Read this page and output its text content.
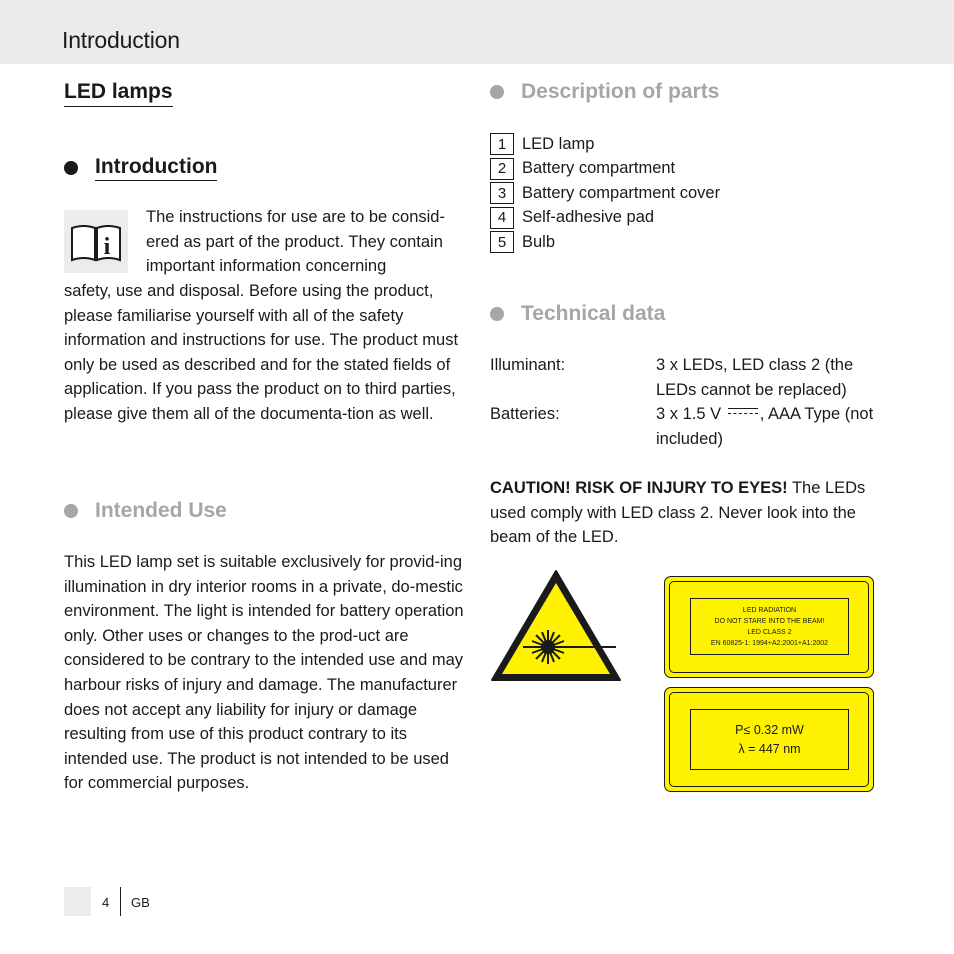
Introduction
LED lamps
Introduction
i
The instructions for use are to be consid-ered as part of the product. They contain important information concerning
safety, use and disposal. Before using the product, please familiarise yourself with all of the safety information and instructions for use. The product must only be used as described and for the stated fields of application. If you pass the product on to third parties, please give them all of the documenta-tion as well.
Intended Use
This LED lamp set is suitable exclusively for provid-ing illumination in dry interior rooms in a private, do-mestic environment. The light is intended for battery operation only. Other uses or changes to the prod-uct are considered to be contrary to the intended use and may harbour risks of injury and damage. The manufacturer does not accept any liability for injury or damage resulting from use of this product contrary to its intended use. The product is not intended to be used for commercial purposes.
Description of parts
1 LED lamp
2 Battery compartment
3 Battery compartment cover
4 Self-adhesive pad
5 Bulb
Technical data
Illuminant:	3 x LEDs, LED class 2 (the LEDs cannot be replaced)
Batteries:	3 x 1.5 V , AAA Type (not included)
CAUTION! RISK OF INJURY TO EYES! The LEDs used comply with LED class 2. Never look into the beam of the LED.
LED RADIATION
DO NOT STARE INTO THE BEAM!
LED CLASS 2
EN 60825-1: 1994+A2:2001+A1:2002
P≤ 0.32 mW
λ = 447 nm
4 GB
